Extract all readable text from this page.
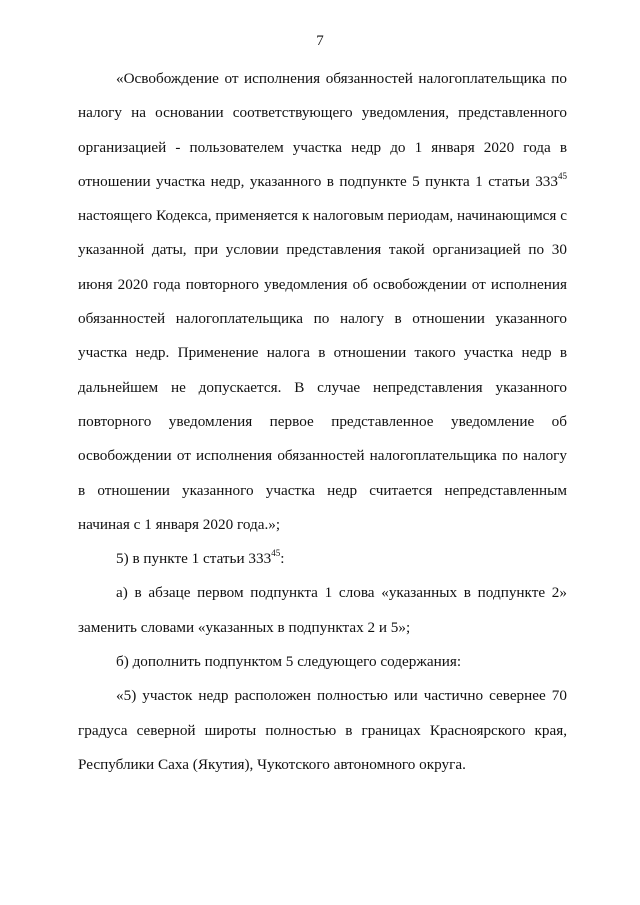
7

«Освобождение от исполнения обязанностей налогоплательщика по налогу на основании соответствующего уведомления, представленного организацией - пользователем участка недр до 1 января 2020 года в отношении участка недр, указанного в подпункте 5 пункта 1 статьи $333^{45}$ настоящего Кодекса, применяется к налоговым периодам, начинающимся с указанной даты, при условии представления такой организацией по 30 июня 2020 года повторного уведомления об освобождении от исполнения обязанностей налогоплательщика по налогу в отношении указанного участка недр. Применение налога в отношении такого участка недр в дальнейшем не допускается. В случае непредставления указанного повторного уведомления первое представленное уведомление об освобождении от исполнения обязанностей налогоплательщика по налогу в отношении указанного участка недр считается непредставленным начиная с 1 января 2020 года.»;

5) в пункте 1 статьи $333^{45}$:

а) в абзаце первом подпункта 1 слова «указанных в подпункте 2» заменить словами «указанных в подпунктах 2 и 5»;

б) дополнить подпунктом 5 следующего содержания:

«5) участок недр расположен полностью или частично севернее 70 градуса северной широты полностью в границах Красноярского края, Республики Саха (Якутия), Чукотского автономного округа.
